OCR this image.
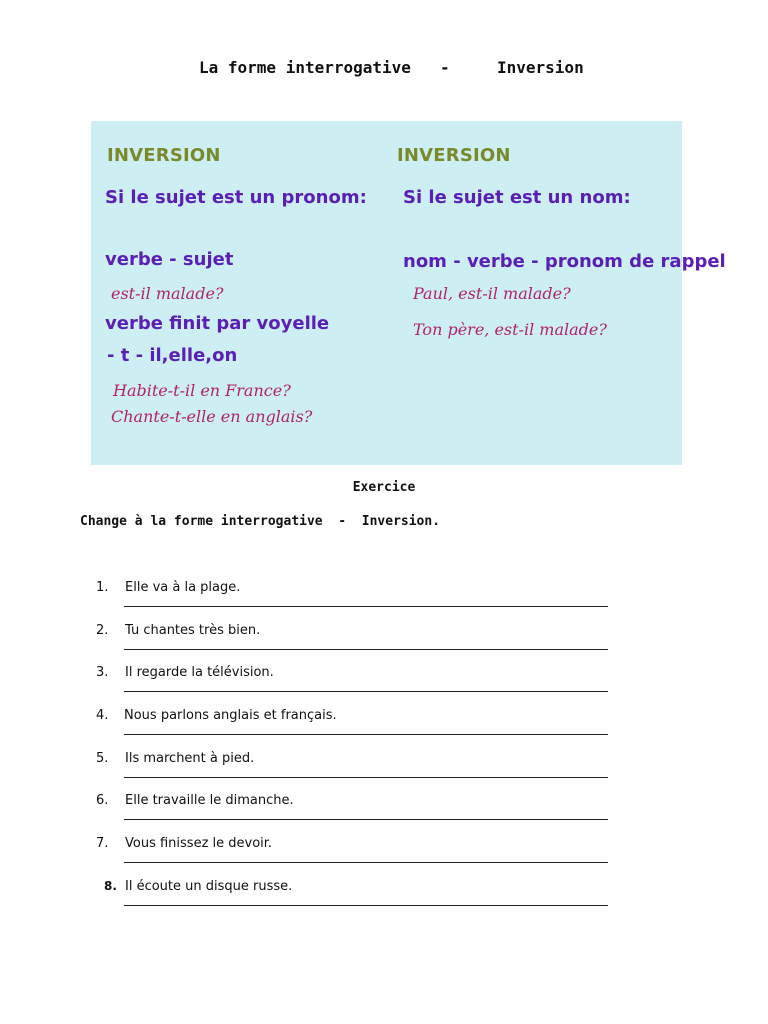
La forme interrogative -	Inversion
INVERSION
Si le sujet est un pronom:
verbe - sujet
est-il malade?
verbe finit par voyelle
- t - il,elle,on
Habite-t-il en France?
Chante-t-elle en anglais?
INVERSION
Si le sujet est un nom:
nom - verbe - pronom de rappel
Paul, est-il malade?
Ton père, est-il malade?
Exercice
Change à la forme interrogative  -  Inversion.
1.	Elle va à la plage.
2.	Tu chantes très bien.
3.	Il regarde la télévision.
4.	Nous parlons anglais et français.
5.	Ils marchent à pied.
6.	Elle travaille le dimanche.
7.	Vous finissez le devoir.
8. Il écoute un disque russe.
